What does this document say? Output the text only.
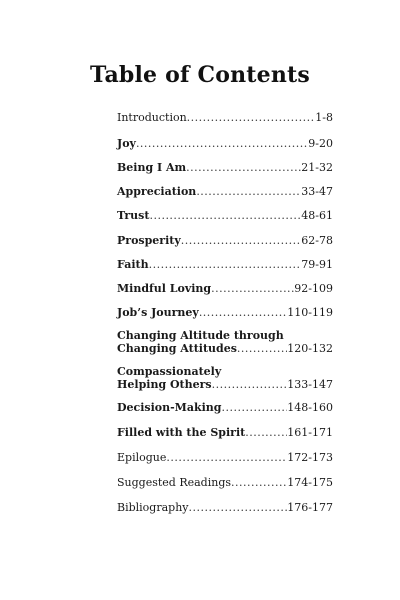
Table of Contents
Introduction .....	1-8
Joy .....	9-20
Being I Am .....	21-32
Appreciation .....	33-47
Trust .....	48-61
Prosperity .....	62-78
Faith .....	79-91
Mindful Loving .....	92-109
Job’s Journey .....	110-119
Changing Altitude through
Changing Attitudes .....	120-132
Compassionately
Helping Others .....	133-147
Decision-Making .....	148-160
Filled with the Spirit .....	161-171
Epilogue .....	172-173
Suggested Readings .....	174-175
Bibliography .....	176-177
